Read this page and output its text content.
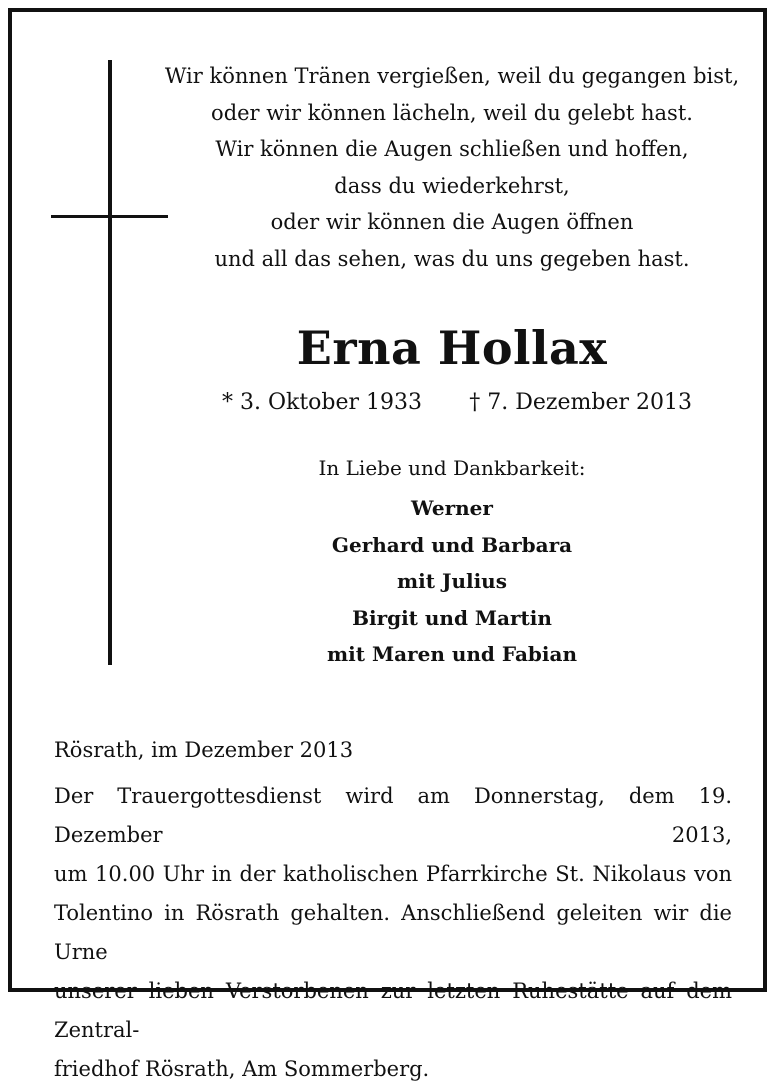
Wir können Tränen vergießen, weil du gegangen bist,
oder wir können lächeln, weil du gelebt hast.
Wir können die Augen schließen und hoffen,
dass du wiederkehrst,
oder wir können die Augen öffnen
und all das sehen, was du uns gegeben hast.
Erna Hollax
* 3. Oktober 1933 † 7. Dezember 2013
In Liebe und Dankbarkeit:
Werner
Gerhard und Barbara
mit Julius
Birgit und Martin
mit Maren und Fabian
Rösrath, im Dezember 2013
Der Trauergottesdienst wird am Donnerstag, dem 19. Dezember 2013,
um 10.00 Uhr in der katholischen Pfarrkirche St. Nikolaus von
Tolentino in Rösrath gehalten. Anschließend geleiten wir die Urne
unserer lieben Verstorbenen zur letzten Ruhestätte auf dem Zentral-
friedhof Rösrath, Am Sommerberg.
